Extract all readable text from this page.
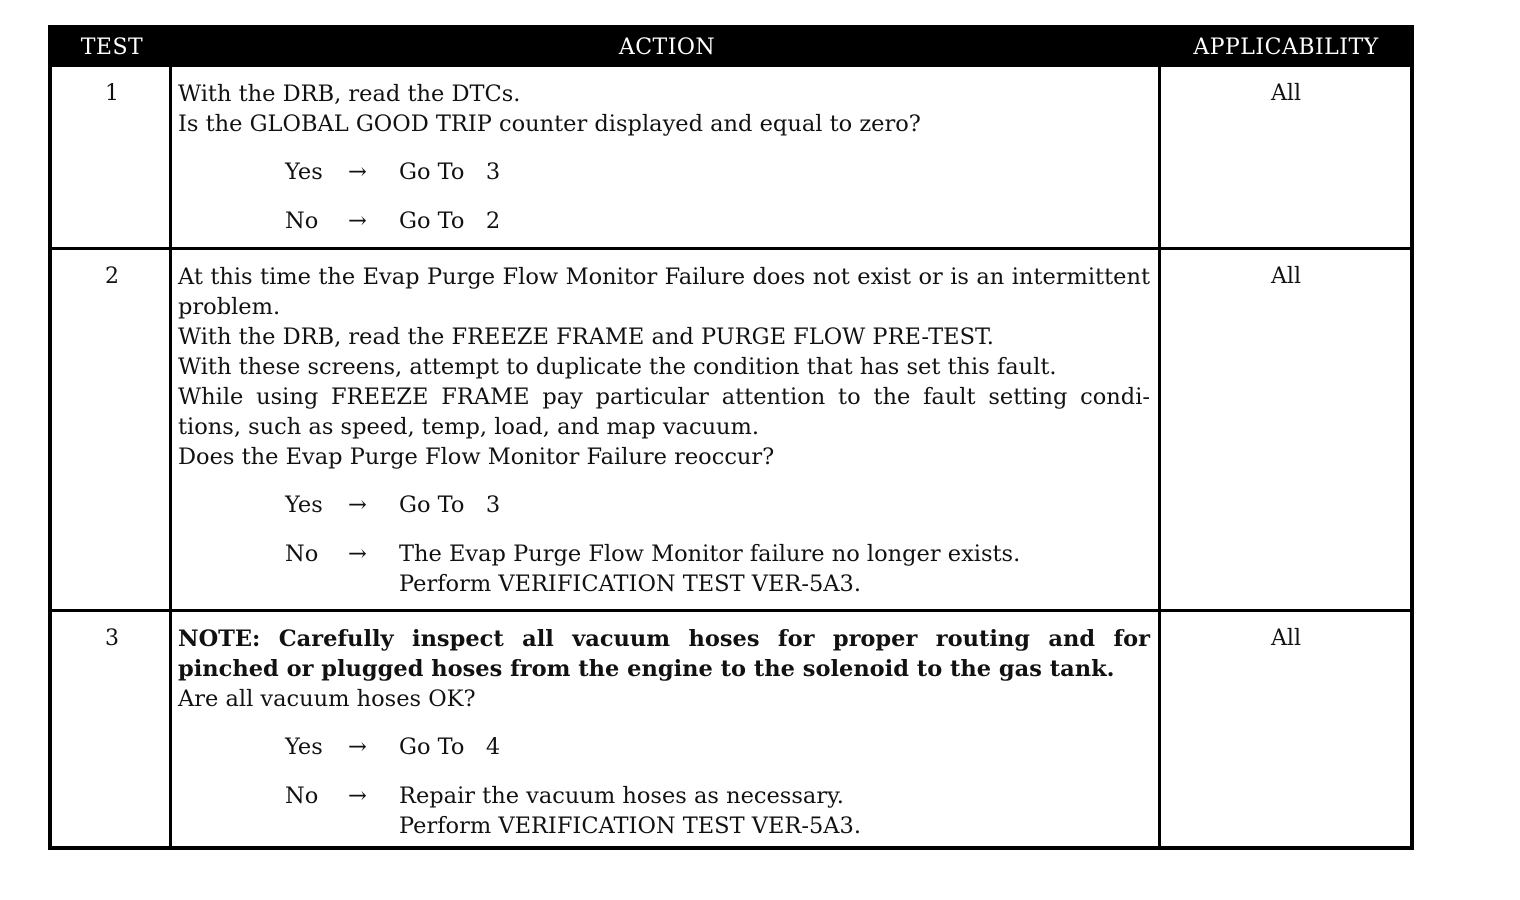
TEST	ACTION	APPLICABILITY
1	With the DRB, read the DTCs.
Is the GLOBAL GOOD TRIP counter displayed and equal to zero?
Yes → Go To   3
No → Go To   2
All
2	At this time the Evap Purge Flow Monitor Failure does not exist or is an intermittent
problem.
With the DRB, read the FREEZE FRAME and PURGE FLOW PRE-TEST.
With these screens, attempt to duplicate the condition that has set this fault.
While using FREEZE FRAME pay particular attention to the fault setting condi-
tions, such as speed, temp, load, and map vacuum.
Does the Evap Purge Flow Monitor Failure reoccur?
Yes → Go To   3
No → The Evap Purge Flow Monitor failure no longer exists.
Perform VERIFICATION TEST VER-5A3.
All
3	NOTE: Carefully inspect all vacuum hoses for proper routing and for
pinched or plugged hoses from the engine to the solenoid to the gas tank.
Are all vacuum hoses OK?
Yes → Go To   4
No → Repair the vacuum hoses as necessary.
Perform VERIFICATION TEST VER-5A3.
All
